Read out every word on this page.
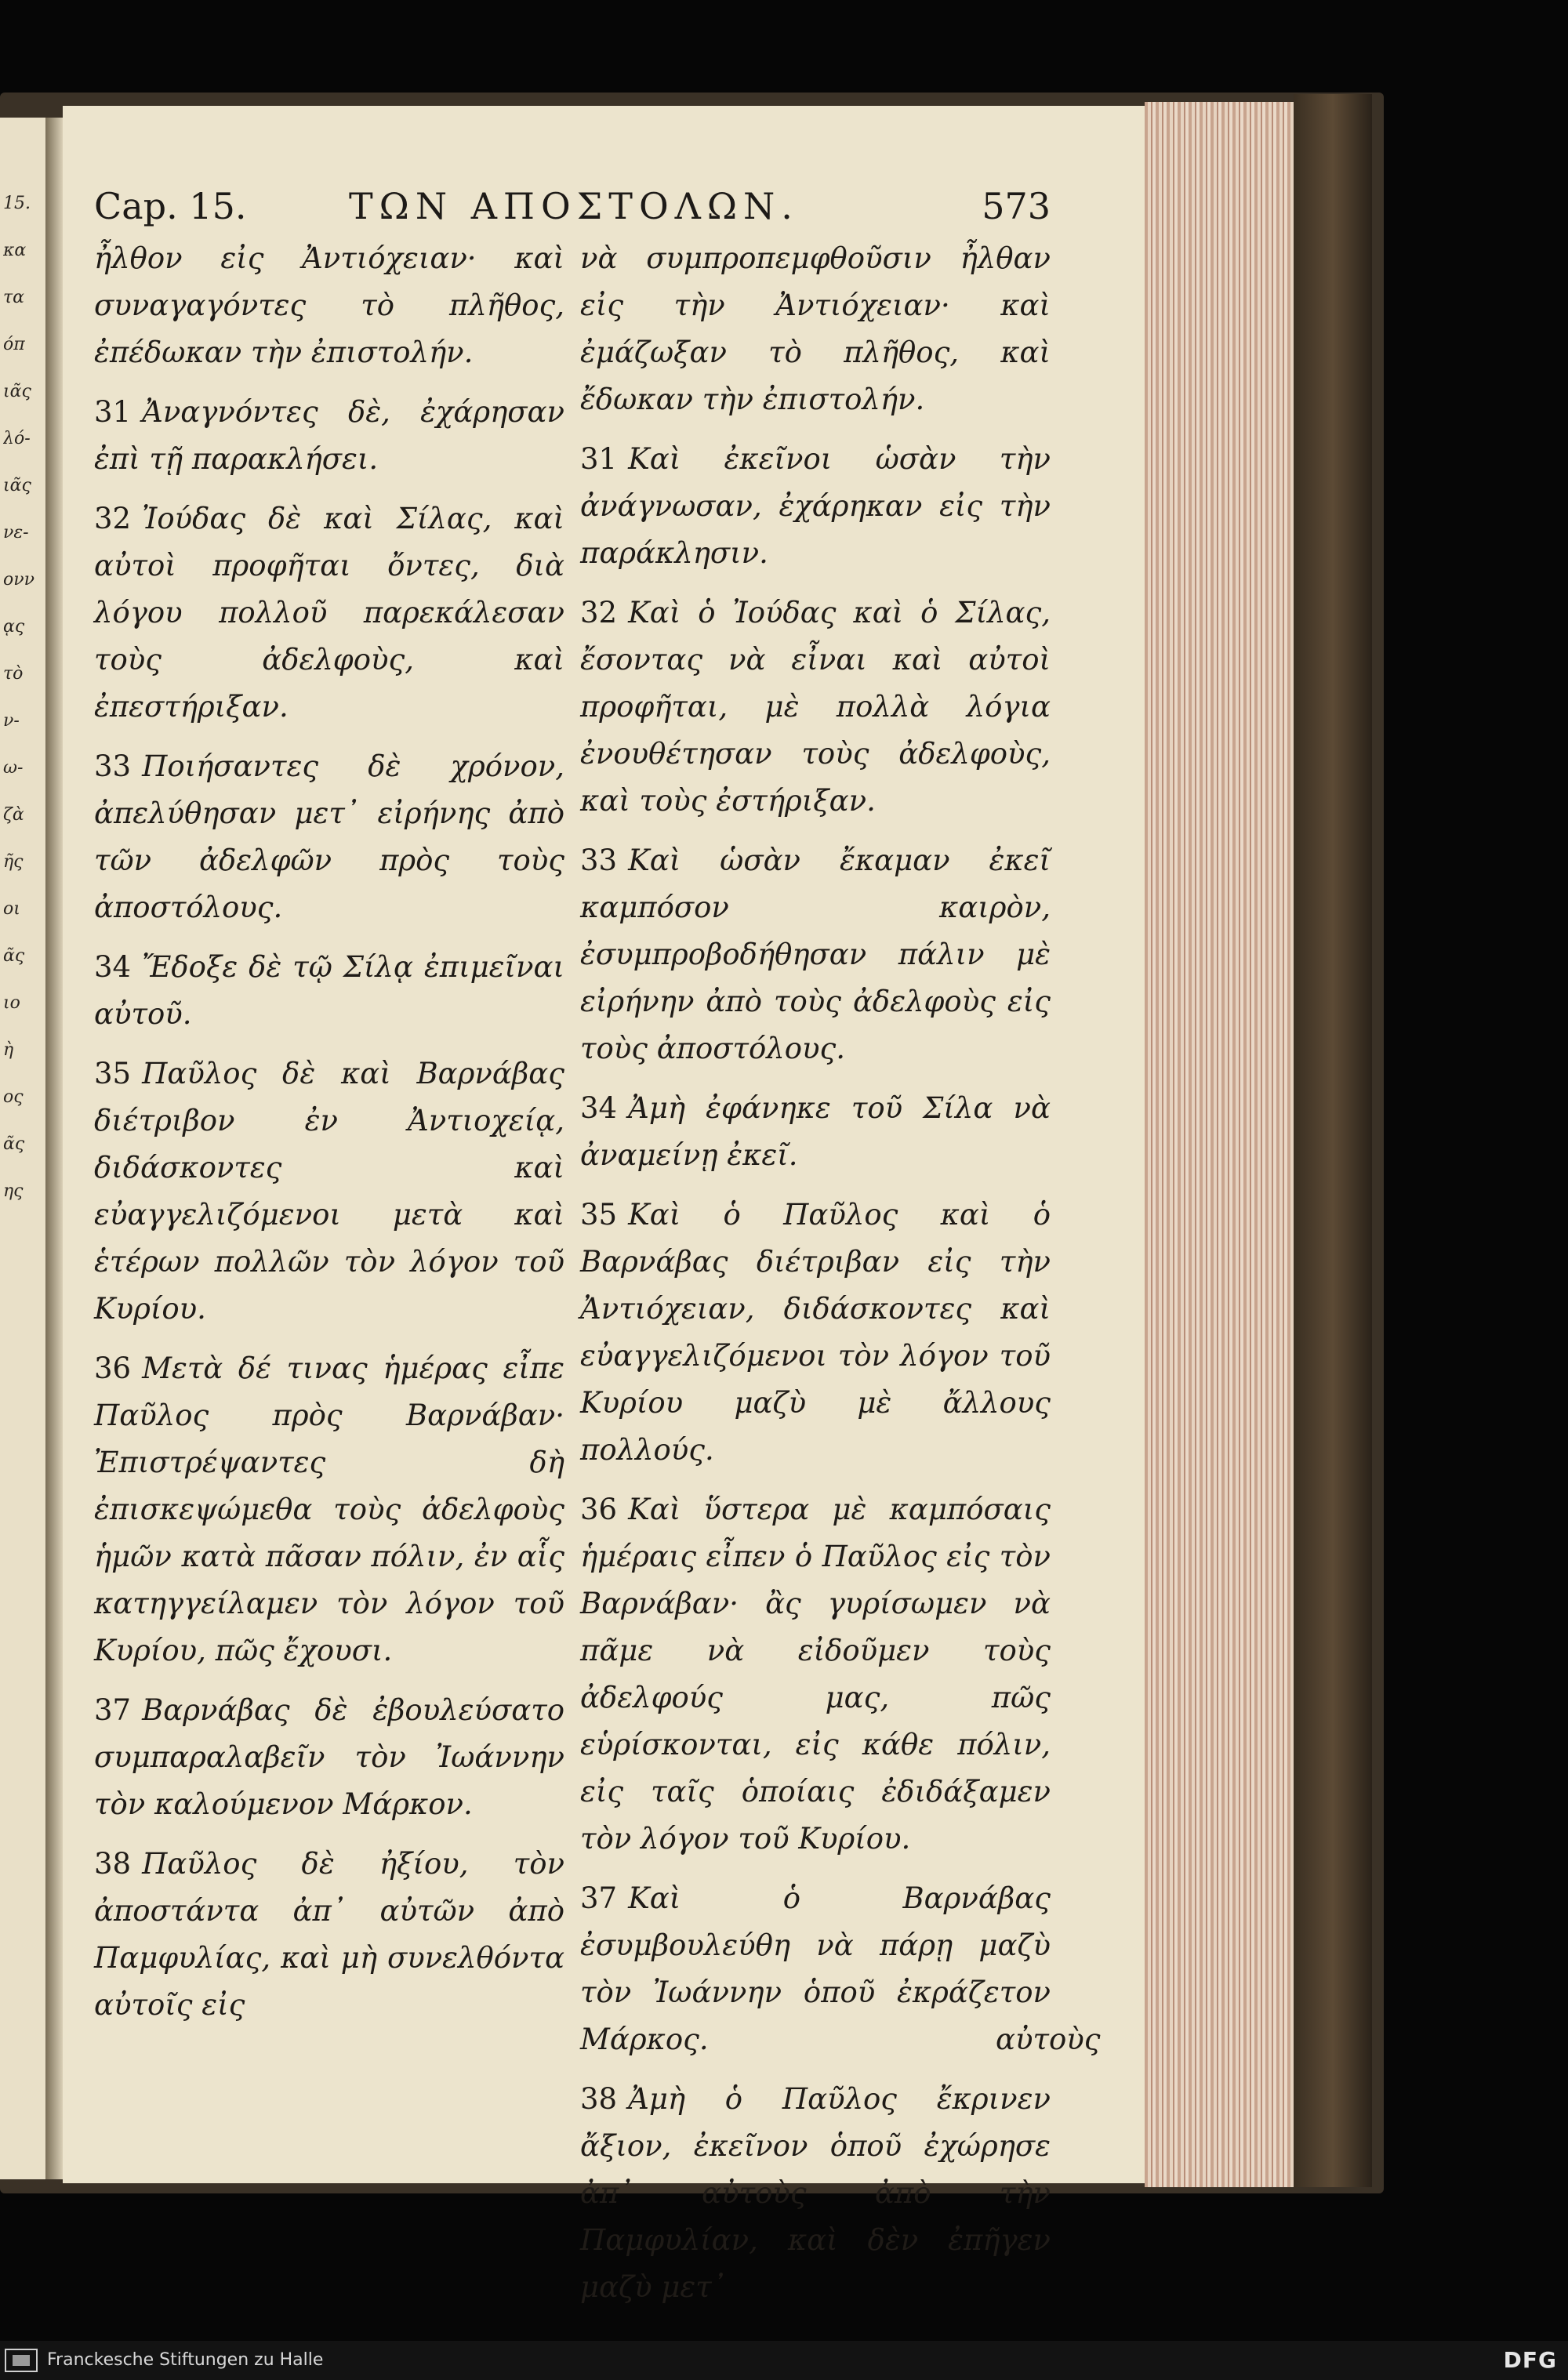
15.
κα
τα
όπ
ιᾶς
λό-
ιᾶς
νε-
ονν
ᾳς
τὸ
ν-
ω-
ζὰ
ῆς
οι
ᾶς
ιο
ὴ
ος
ᾶς
ης
Cap. 15.	ΤΩΝ ΑΠΟΣΤΟΛΩΝ.	573

ἦλθον εἰς Ἀντιόχειαν· καὶ συναγαγόντες τὸ πλῆθος, ἐπέδωκαν τὴν ἐπιστολήν.

31 Ἀναγνόντες δὲ, ἐχάρησαν ἐπὶ τῇ παρακλήσει.

32 Ἰούδας δὲ καὶ Σίλας, καὶ αὐτοὶ προφῆται ὄντες, διὰ λόγου πολλοῦ παρεκάλεσαν τοὺς ἀδελφοὺς, καὶ ἐπεστήριξαν.

33 Ποιήσαντες δὲ χρόνον, ἀπελύθησαν μετ᾽ εἰρήνης ἀπὸ τῶν ἀδελφῶν πρὸς τοὺς ἀποστόλους.

34 Ἔδοξε δὲ τῷ Σίλᾳ ἐπιμεῖναι αὐτοῦ.

35 Παῦλος δὲ καὶ Βαρνάβας διέτριβον ἐν Ἀντιοχείᾳ, διδάσκοντες καὶ εὐαγγελιζόμενοι μετὰ καὶ ἑτέρων πολλῶν τὸν λόγον τοῦ Κυρίου.

36 Μετὰ δέ τινας ἡμέρας εἶπε Παῦλος πρὸς Βαρνάβαν· Ἐπιστρέψαντες δὴ ἐπισκεψώμεθα τοὺς ἀδελφοὺς ἡμῶν κατὰ πᾶσαν πόλιν, ἐν αἷς κατηγγείλαμεν τὸν λόγον τοῦ Κυρίου, πῶς ἔχουσι.

37 Βαρνάβας δὲ ἐβουλεύσατο συμπαραλαβεῖν τὸν Ἰωάννην τὸν καλούμενον Μάρκον.

38 Παῦλος δὲ ἠξίου, τὸν ἀποστάντα ἀπ᾽ αὐτῶν ἀπὸ Παμφυλίας, καὶ μὴ συνελθόντα αὐτοῖς εἰς

νὰ συμπροπεμφθοῦσιν ἦλθαν εἰς τὴν Ἀντιόχειαν· καὶ ἐμάζωξαν τὸ πλῆθος, καὶ ἔδωκαν τὴν ἐπιστολήν.

31 Καὶ ἐκεῖνοι ὡσὰν τὴν ἀνάγνωσαν, ἐχάρηκαν εἰς τὴν παράκλησιν.

32 Καὶ ὁ Ἰούδας καὶ ὁ Σίλας, ἔσοντας νὰ εἶναι καὶ αὐτοὶ προφῆται, μὲ πολλὰ λόγια ἐνουθέτησαν τοὺς ἀδελφοὺς, καὶ τοὺς ἐστήριξαν.

33 Καὶ ὡσὰν ἔκαμαν ἐκεῖ καμπόσον καιρὸν, ἐσυμπροβοδήθησαν πάλιν μὲ εἰρήνην ἀπὸ τοὺς ἀδελφοὺς εἰς τοὺς ἀποστόλους.

34 Ἀμὴ ἐφάνηκε τοῦ Σίλα νὰ ἀναμείνῃ ἐκεῖ.

35 Καὶ ὁ Παῦλος καὶ ὁ Βαρνάβας διέτριβαν εἰς τὴν Ἀντιόχειαν, διδάσκοντες καὶ εὐαγγελιζόμενοι τὸν λόγον τοῦ Κυρίου μαζὺ μὲ ἄλλους πολλούς.

36 Καὶ ὕστερα μὲ καμπόσαις ἡμέραις εἶπεν ὁ Παῦλος εἰς τὸν Βαρνάβαν· ἂς γυρίσωμεν νὰ πᾶμε νὰ εἰδοῦμεν τοὺς ἀδελφούς μας, πῶς εὑρίσκονται, εἰς κάθε πόλιν, εἰς ταῖς ὁποίαις ἐδιδάξαμεν τὸν λόγον τοῦ Κυρίου.

37 Καὶ ὁ Βαρνάβας ἐσυμβουλεύθη νὰ πάρῃ μαζὺ τὸν Ἰωάννην ὁποῦ ἐκράζετον Μάρκος.

38 Ἀμὴ ὁ Παῦλος ἔκρινεν ἄξιον, ἐκεῖνον ὁποῦ ἐχώρησε ἀπ᾽ αὐτοὺς ἀπὸ τὴν Παμφυλίαν, καὶ δὲν ἐπῆγεν μαζὺ μετ᾽

αὐτοὺς
Franckesche Stiftungen zu Halle	DFG
